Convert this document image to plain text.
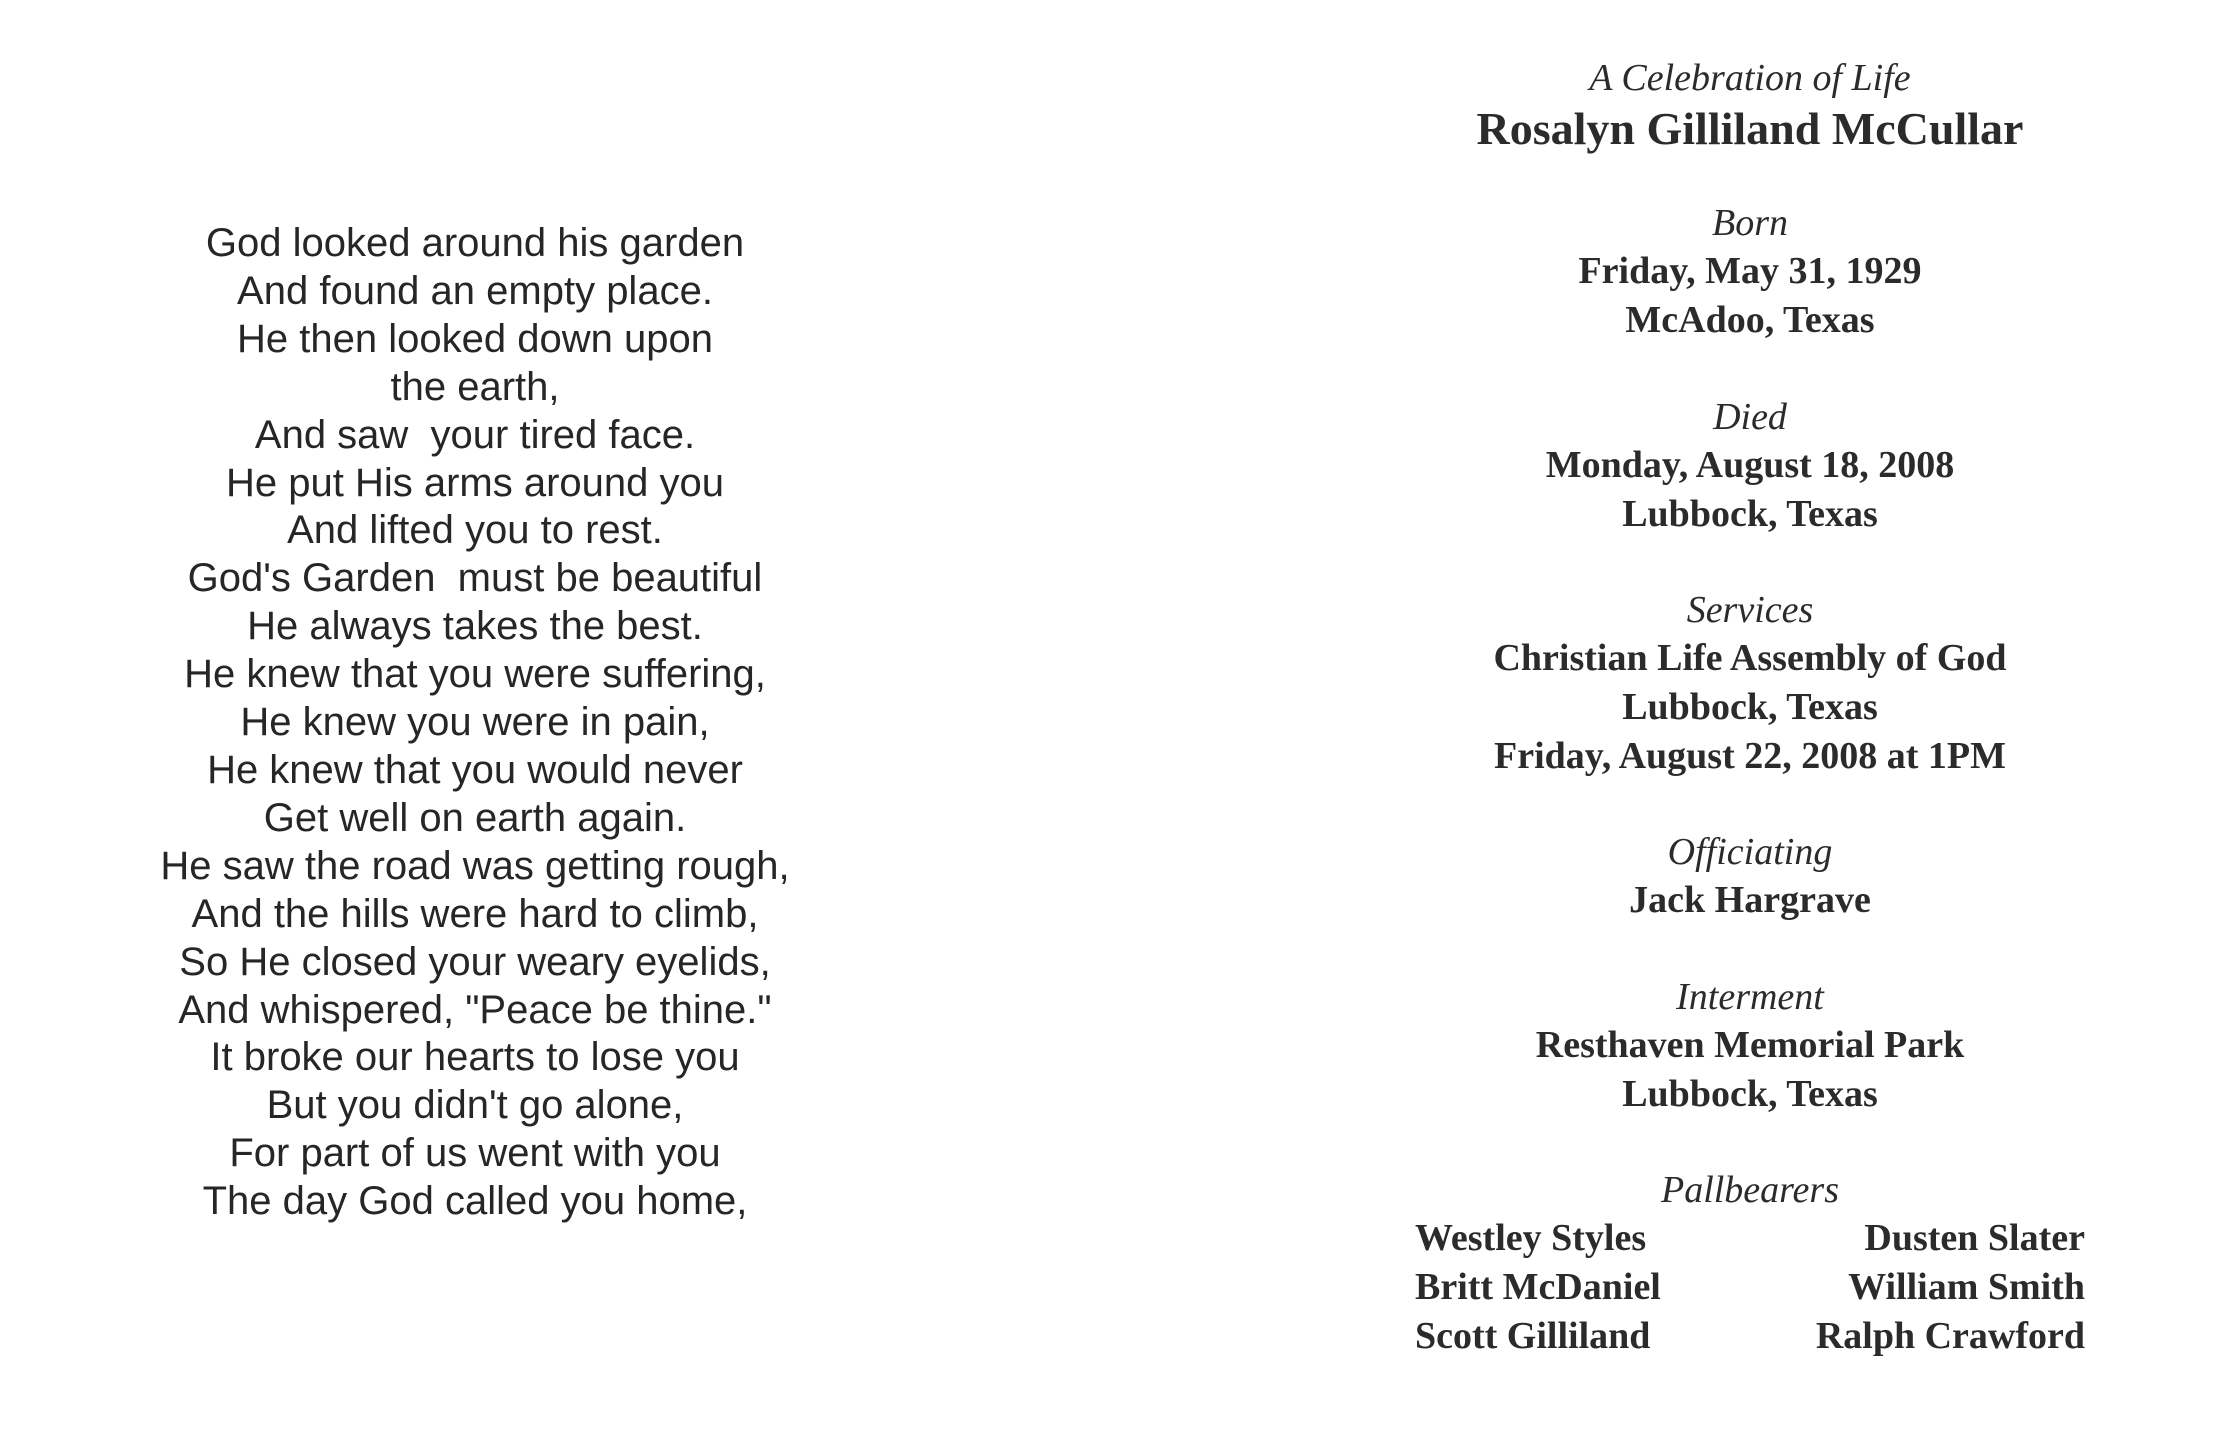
God looked around his garden
And found an empty place.
He then looked down upon
the earth,
And saw  your tired face.
He put His arms around you
And lifted you to rest.
God's Garden  must be beautiful
He always takes the best.
He knew that you were suffering,
He knew you were in pain,
He knew that you would never
Get well on earth again.
He saw the road was getting rough,
And the hills were hard to climb,
So He closed your weary eyelids,
And whispered, "Peace be thine."
It broke our hearts to lose you
But you didn't go alone,
For part of us went with you
The day God called you home,
A Celebration of Life
Rosalyn Gilliland McCullar
Born
Friday, May 31, 1929
McAdoo, Texas
Died
Monday, August 18, 2008
Lubbock, Texas
Services
Christian Life Assembly of God
Lubbock, Texas
Friday, August 22, 2008 at 1PM
Officiating
Jack Hargrave
Interment
Resthaven Memorial Park
Lubbock, Texas
Pallbearers
Westley Styles
Britt McDaniel
Scott Gilliland
Dusten Slater
William Smith
Ralph Crawford
